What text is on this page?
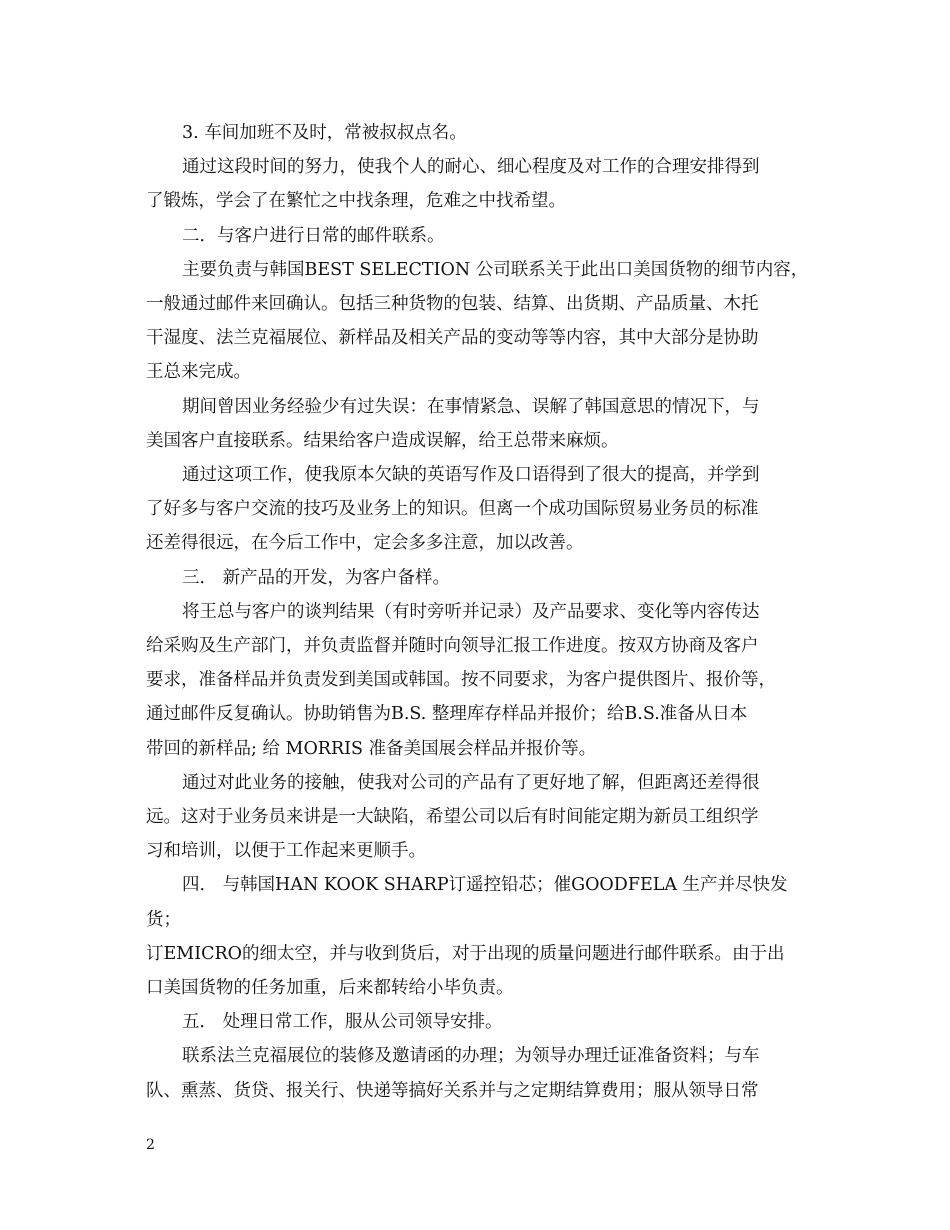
3. 车间加班不及时，常被叔叔点名。

通过这段时间的努力，使我个人的耐心、细心程度及对工作的合理安排得到
了锻炼，学会了在繁忙之中找条理，危难之中找希望。

二．与客户进行日常的邮件联系。

主要负责与韩国BEST SELECTION 公司联系关于此出口美国货物的细节内容，
一般通过邮件来回确认。包括三种货物的包装、结算、出货期、产品质量、木托
干湿度、法兰克福展位、新样品及相关产品的变动等等内容，其中大部分是协助
王总来完成。

期间曾因业务经验少有过失误：在事情紧急、误解了韩国意思的情况下，与
美国客户直接联系。结果给客户造成误解，给王总带来麻烦。

通过这项工作，使我原本欠缺的英语写作及口语得到了很大的提高，并学到
了好多与客户交流的技巧及业务上的知识。但离一个成功国际贸易业务员的标准
还差得很远，在今后工作中，定会多多注意，加以改善。

三． 新产品的开发，为客户备样。

将王总与客户的谈判结果（有时旁听并记录）及产品要求、变化等内容传达
给采购及生产部门，并负责监督并随时向领导汇报工作进度。按双方协商及客户
要求，准备样品并负责发到美国或韩国。按不同要求，为客户提供图片、报价等，
通过邮件反复确认。协助销售为B.S. 整理库存样品并报价；给B.S.准备从日本
带回的新样品; 给 MORRIS 准备美国展会样品并报价等。

通过对此业务的接触，使我对公司的产品有了更好地了解，但距离还差得很
远。这对于业务员来讲是一大缺陷，希望公司以后有时间能定期为新员工组织学
习和培训，以便于工作起来更顺手。

四． 与韩国HAN KOOK SHARP订遥控铅芯；催GOODFELA 生产并尽快发货；
订EMICRO的细太空，并与收到货后，对于出现的质量问题进行邮件联系。由于出
口美国货物的任务加重，后来都转给小毕负责。

五． 处理日常工作，服从公司领导安排。

联系法兰克福展位的装修及邀请函的办理；为领导办理迁证准备资料；与车
队、熏蒸、货贷、报关行、快递等搞好关系并与之定期结算费用；服从领导日常

2
